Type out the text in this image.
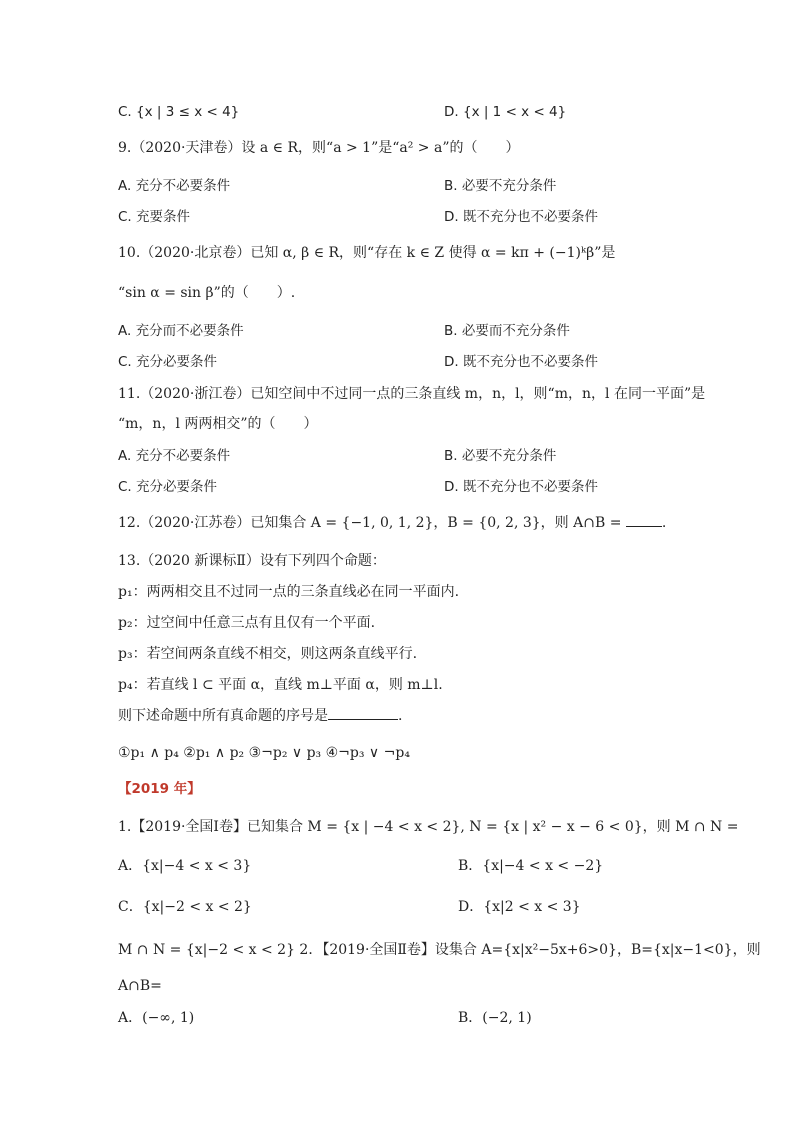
C. {x | 3 ≤ x < 4}	D. {x | 1 < x < 4}
9.（2020·天津卷）设 a ∈ R，则“a > 1”是“a² > a”的（　　）
A. 充分不必要条件	B. 必要不充分条件
C. 充要条件	D. 既不充分也不必要条件
10.（2020·北京卷）已知 α, β ∈ R，则“存在 k ∈ Z 使得 α = kπ + (−1)ᵏβ”是
“sin α = sin β”的（　　）.
A. 充分而不必要条件	B. 必要而不充分条件
C. 充分必要条件	D. 既不充分也不必要条件
11.（2020·浙江卷）已知空间中不过同一点的三条直线 m，n，l，则“m，n，l 在同一平面”是
“m，n，l 两两相交”的（　　）
A. 充分不必要条件	B. 必要不充分条件
C. 充分必要条件	D. 既不充分也不必要条件
12.（2020·江苏卷）已知集合 A = {−1, 0, 1, 2}，B = {0, 2, 3}，则 A∩B =	.
13.（2020 新课标Ⅱ）设有下列四个命题：
p₁：两两相交且不过同一点的三条直线必在同一平面内.
p₂：过空间中任意三点有且仅有一个平面.
p₃：若空间两条直线不相交，则这两条直线平行.
p₄：若直线 l ⊂ 平面 α，直线 m⊥平面 α，则 m⊥l.
则下述命题中所有真命题的序号是	.
①p₁ ∧ p₄ ②p₁ ∧ p₂ ③¬p₂ ∨ p₃ ④¬p₃ ∨ ¬p₄
【2019 年】
1.【2019·全国Ⅰ卷】已知集合 M = {x | −4 < x < 2}, N = {x | x² − x − 6 < 0}，则 M ∩ N =
A．{x|−4 < x < 3}	B．{x|−4 < x < −2}
C．{x|−2 < x < 2}	D．{x|2 < x < 3}
M ∩ N = {x|−2 < x < 2} 2．【2019·全国Ⅱ卷】设集合 A={x|x²−5x+6>0}，B={x|x−1<0}，则
A∩B=
A．(−∞, 1)	B．(−2, 1)
